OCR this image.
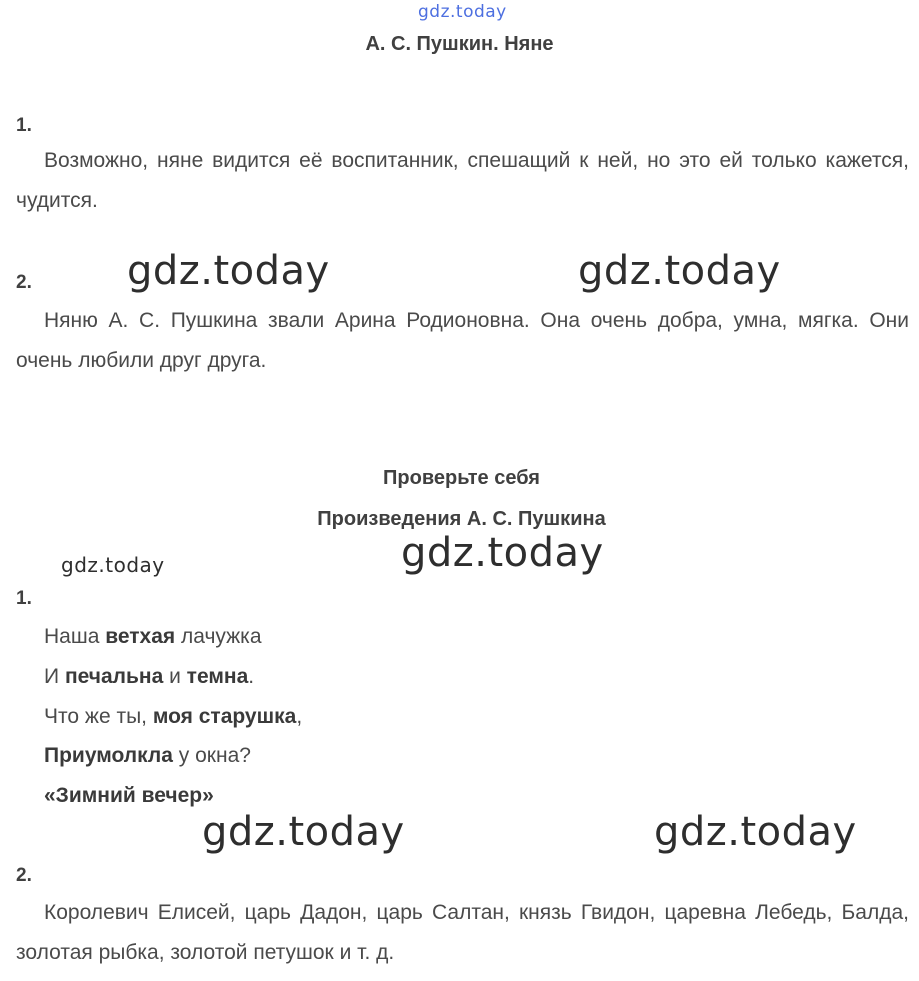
gdz.today
А. С. Пушкин. Няне
1.
Возможно, няне видится её воспитанник, спешащий к ней, но это ей только кажется, чудится.
2.
Няню А. С. Пушкина звали Арина Родионовна. Она очень добра, умна, мягка. Они очень любили друг друга.
gdz.today	gdz.today
Проверьте себя
Произведения А. С. Пушкина
gdz.today	gdz.today
1.
Наша ветхая лачужка
И печальна и темна.
Что же ты, моя старушка,
Приумолкла у окна?
«Зимний вечер»
gdz.today	gdz.today
2.
Королевич Елисей, царь Дадон, царь Салтан, князь Гвидон, царевна Лебедь, Балда, золотая рыбка, золотой петушок и т. д.
